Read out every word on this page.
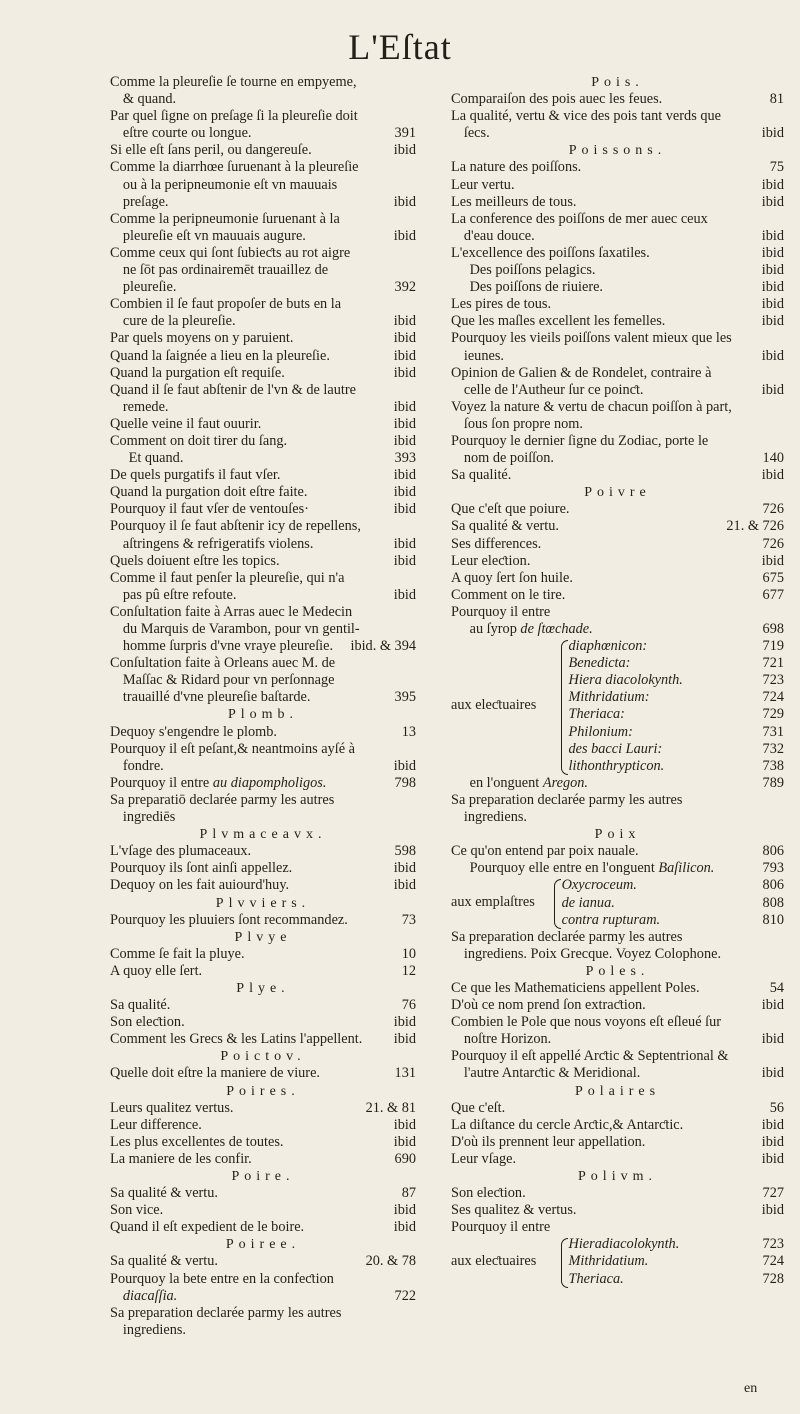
L'Eſtat
Comme la pleureſie ſe tourne en empyeme, & quand.
Par quel ſigne on preſage ſi la pleureſie doit eſtre courte ou longue.	391
Si elle eſt ſans peril, ou dangereuſe.	ibid
Comme la diarrhœe ſuruenant à la pleureſie ou à la peripneumonie eſt vn mauuais preſage.	ibid
Comme la peripneumonie ſuruenant à la pleureſie eſt vn mauuais augure.	ibid
Comme ceux qui ſont ſubieƈts au rot aigre ne ſōt pas ordinairemēt trauaillez de pleureſie.	392
Combien il ſe faut propoſer de buts en la cure de la pleureſie.	ibid
Par quels moyens on y paruient.	ibid
Quand la ſaignée a lieu en la pleureſie.	ibid
Quand la purgation eſt requiſe.	ibid
Quand il ſe faut abſtenir de l'vn & de lautre remede.	ibid
Quelle veine il faut ouurir.	ibid
Comment on doit tirer du ſang.	ibid
Et quand.	393
De quels purgatifs il faut vſer.	ibid
Quand la purgation doit eſtre faite.	ibid
Pourquoy il faut vſer de ventouſes·	ibid
Pourquoy il ſe faut abſtenir icy de repellens, aſtringens & refrigeratifs violens.	ibid
Quels doiuent eſtre les topics.	ibid
Comme il faut penſer la pleureſie, qui n'a pas pû eſtre refoute.	ibid
Conſultation faite à Arras auec le Medecin du Marquis de Varambon, pour vn gentil-homme ſurpris d'vne vraye pleureſie. ibid. & 394
Conſultation faite à Orleans auec M. de Maſſac & Ridard pour vn perſonnage trauaillé d'vne pleureſie baſtarde.	395
Plomb.
Dequoy s'engendre le plomb.	13
Pourquoy il eſt peſant,& neantmoins ayſé à fondre.	ibid
Pourquoy il entre au diapompholigos.	798
Sa preparatiō declarée parmy les autres ingrediēs
Plvmaceavx.
L'vſage des plumaceaux.	598
Pourquoy ils ſont ainſi appellez.	ibid
Dequoy on les fait auiourd'huy.	ibid
Plvviers.
Pourquoy les pluuiers ſont recommandez.	73
Plvye
Comme ſe fait la pluye.	10
A quoy elle ſert.	12
Plye.
Sa qualité.	76
Son eleƈtion.	ibid
Comment les Grecs & les Latins l'appellent. ibid
Poictov.
Quelle doit eſtre la maniere de viure.	131
Poires.
Leurs qualitez vertus.	21. & 81
Leur difference.	ibid
Les plus excellentes de toutes.	ibid
La maniere de les confir.	690
Poire.
Sa qualité & vertu.	87
Son vice.	ibid
Quand il eſt expedient de le boire.	ibid
Poiree.
Sa qualité & vertu.	20. & 78
Pourquoy la bete entre en la confeƈtion diacaſſia.	722
Sa preparation declarée parmy les autres ingrediens.
Pois.
Comparaiſon des pois auec les feues.	81
La qualité, vertu & vice des pois tant verds que ſecs.	ibid
Poissons.
La nature des poiſſons.	75
Leur vertu.	ibid
Les meilleurs de tous.	ibid
La conference des poiſſons de mer auec ceux d'eau douce.	ibid
L'excellence des poiſſons ſaxatiles.	ibid
Des poiſſons pelagics.	ibid
Des poiſſons de riuiere.	ibid
Les pires de tous.	ibid
Que les maſles excellent les femelles.	ibid
Pourquoy les vieils poiſſons valent mieux que les ieunes.	ibid
Opinion de Galien & de Rondelet, contraire à celle de l'Autheur ſur ce poinƈt.	ibid
Voyez la nature & vertu de chacun poiſſon à part, ſous ſon propre nom.
Pourquoy le dernier ſigne du Zodiac, porte le nom de poiſſon.	140
Sa qualité.	ibid
Poivre
Que c'eſt que poiure.	726
Sa qualité & vertu.	21. & 726
Ses differences.	726
Leur eleƈtion.	ibid
A quoy ſert ſon huile.	675
Comment on le tire.	677
Pourquoy il entre
au ſyrop de ſtœchade.	698
aux eleƈtuaires
diaphœnicon:	719
Benedicta:	721
Hiera diacolokynth.	723
Mithridatium:	724
Theriaca:	729
Philonium:	731
des bacci Lauri:	732
lithonthrypticon.	738
en l'onguent Aregon.	789
Sa preparation declarée parmy les autres ingrediens.
Poix
Ce qu'on entend par poix nauale.	806
Pourquoy elle entre en l'onguent Baſilicon.	793
aux emplaſtres
Oxycroceum.	806
de ianua.	808
contra rupturam.	810
Sa preparation declarée parmy les autres ingrediens. Poix Grecque. Voyez Colophone.
Poles.
Ce que les Mathematiciens appellent Poles.	54
D'où ce nom prend ſon extraƈtion.	ibid
Combien le Pole que nous voyons eſt eſleué ſur noſtre Horizon.	ibid
Pourquoy il eſt appellé Arƈtic & Septentrional & l'autre Antarƈtic & Meridional.	ibid
Polaires
Que c'eſt.	56
La diſtance du cercle Arƈtic,& Antarƈtic.	ibid
D'où ils prennent leur appellation.	ibid
Leur vſage.	ibid
Polivm.
Son eleƈtion.	727
Ses qualitez & vertus.	ibid
Pourquoy il entre
aux eleƈtuaires
Hieradiacolokynth.	723
Mithridatium.	724
Theriaca.	728
en
